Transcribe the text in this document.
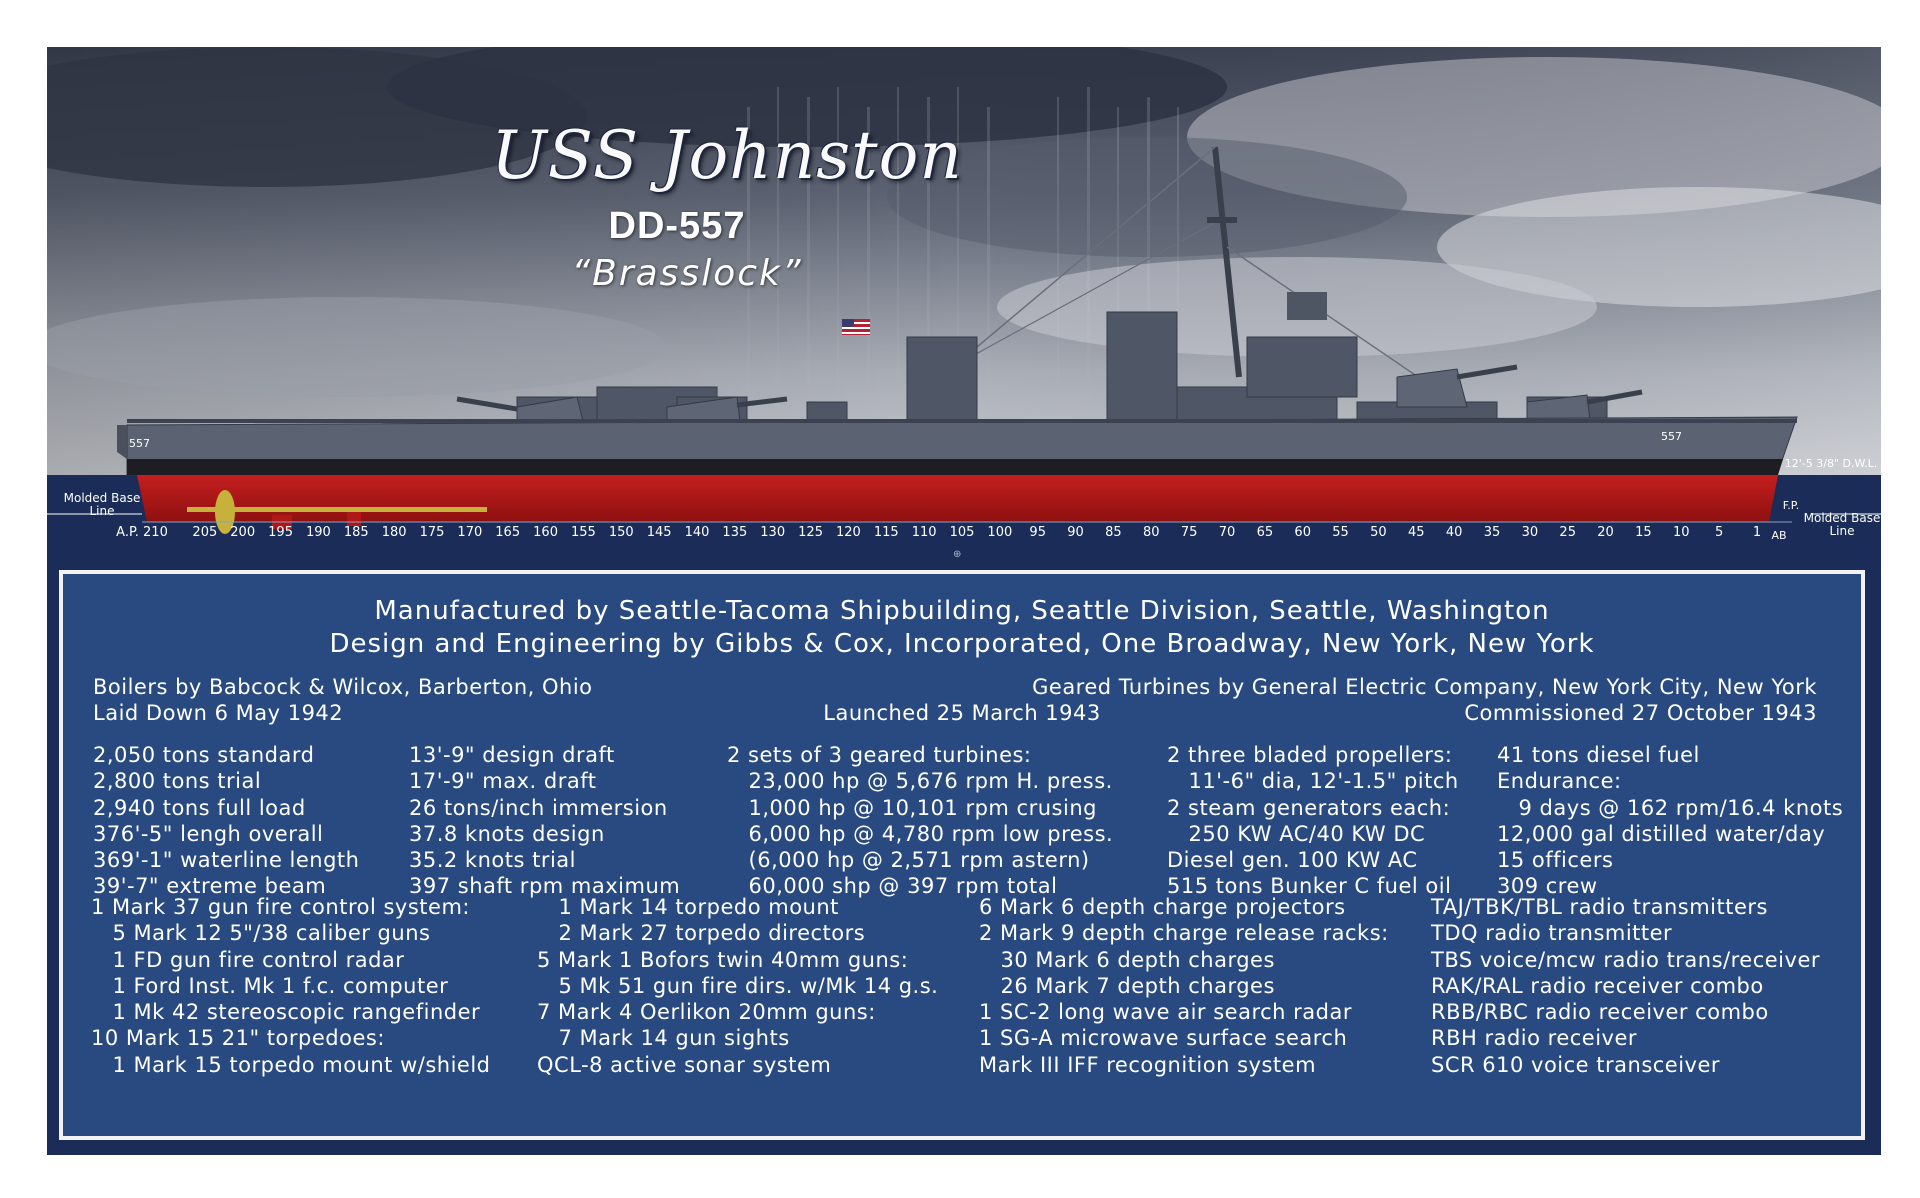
⊕
USS Johnston
DD-557
“Brasslock”
557
557
Molded Base Line	Molded Base Line
12'-5 3/8" D.W.L.
F.P.
A.P. 210 205 200 195 190 185 180 175 170 165 160 155 150 145 140 135 130 125 120 115 110 105 100 95 90 85 80 75 70 65 60 55 50 45 40 35 30 25 20 15 10 5 1 AB
Manufactured by Seattle-Tacoma Shipbuilding, Seattle Division, Seattle, Washington
Design and Engineering by Gibbs & Cox, Incorporated, One Broadway, New York, New York
Boilers by Babcock & Wilcox, Barberton, Ohio	Geared Turbines by General Electric Company, New York City, New York
Laid Down 6 May 1942	Launched 25 March 1943	Commissioned 27 October 1943
2,050 tons standard
2,800 tons trial
2,940 tons full load
376'-5" lengh overall
369'-1" waterline length
39'-7" extreme beam
13'-9" design draft
17'-9" max. draft
26 tons/inch immersion
37.8 knots design
35.2 knots trial
397 shaft rpm maximum
2 sets of 3 geared turbines:
23,000 hp @ 5,676 rpm H. press.
1,000 hp @ 10,101 rpm crusing
6,000 hp @ 4,780 rpm low press.
(6,000 hp @ 2,571 rpm astern)
60,000 shp @ 397 rpm total
2 three bladed propellers:
11'-6" dia, 12'-1.5" pitch
2 steam generators each:
250 KW AC/40 KW DC
Diesel gen. 100 KW AC
515 tons Bunker C fuel oil
41 tons diesel fuel
Endurance:
9 days @ 162 rpm/16.4 knots
12,000 gal distilled water/day
15 officers
309 crew
1 Mark 37 gun fire control system:
5 Mark 12 5"/38 caliber guns
1 FD gun fire control radar
1 Ford Inst. Mk 1 f.c. computer
1 Mk 42 stereoscopic rangefinder
10 Mark 15 21" torpedoes:
1 Mark 15 torpedo mount w/shield
1 Mark 14 torpedo mount
2 Mark 27 torpedo directors
5 Mark 1 Bofors twin 40mm guns:
5 Mk 51 gun fire dirs. w/Mk 14 g.s.
7 Mark 4 Oerlikon 20mm guns:
7 Mark 14 gun sights
QCL-8 active sonar system
6 Mark 6 depth charge projectors
2 Mark 9 depth charge release racks:
30 Mark 6 depth charges
26 Mark 7 depth charges
1 SC-2 long wave air search radar
1 SG-A microwave surface search
Mark III IFF recognition system
TAJ/TBK/TBL radio transmitters
TDQ radio transmitter
TBS voice/mcw radio trans/receiver
RAK/RAL radio receiver combo
RBB/RBC radio receiver combo
RBH radio receiver
SCR 610 voice transceiver
